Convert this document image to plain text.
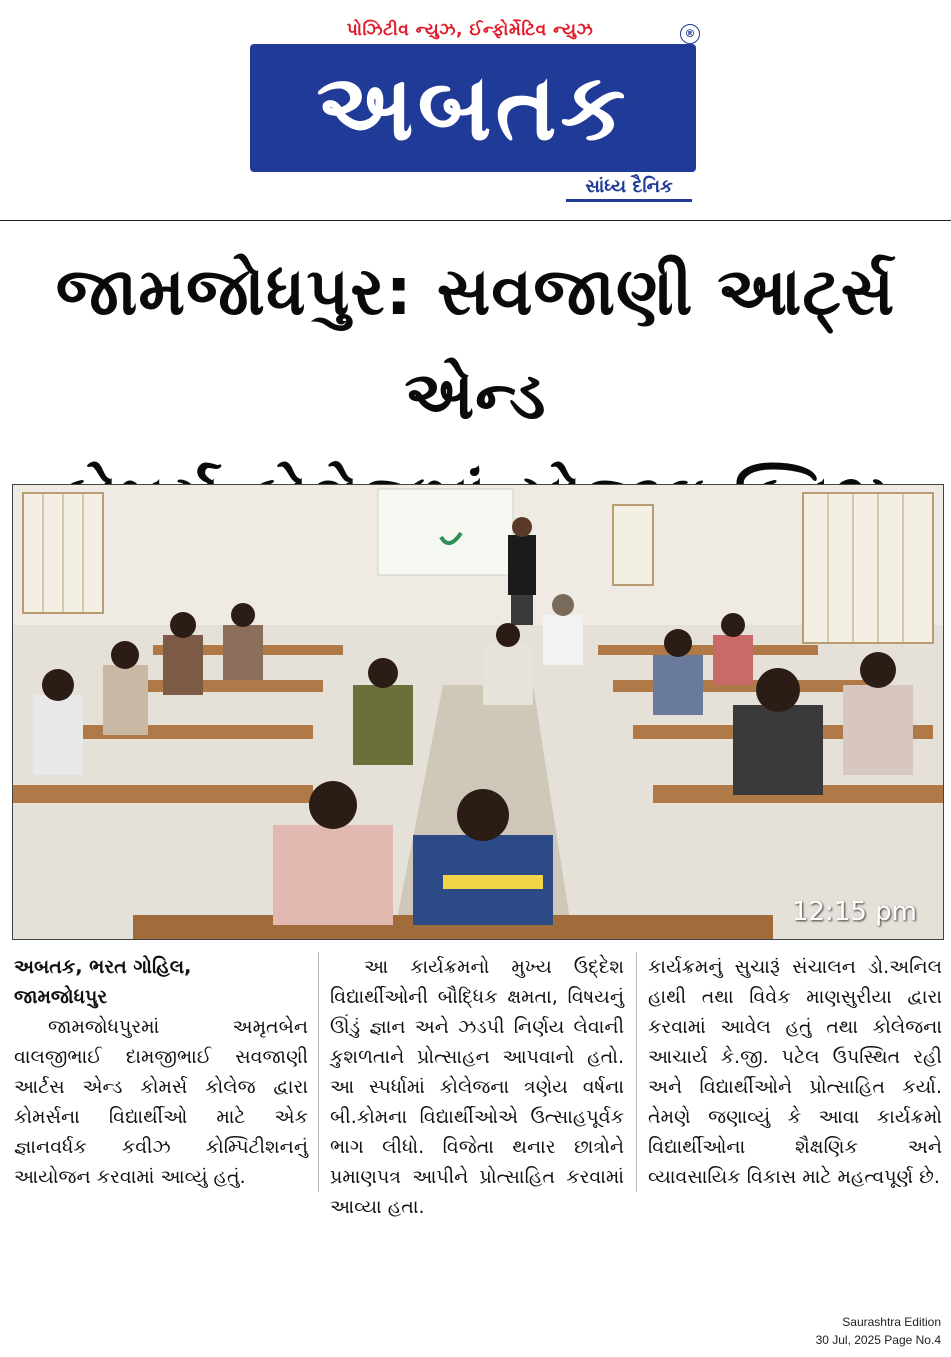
પોઝિટીવ ન્યુઝ, ઈન્ફોર્મેટિવ ન્યુઝ
અબતક
®
સાંધ્ય દૈનિક
જામજોધપુર: સવજાણી આર્ટ્સ એન્ડ

12:15 pm

અબતક, ભરત ગોહિલ,
જામજોધપુર

જામજોધપુરમાં અમૃતબેન વાલજીભાઈ દામજીભાઈ સવજાણી આર્ટસ એન્ડ કોમર્સ કોલેજ દ્વારા કોમર્સના વિદ્યાર્થીઓ માટે એક જ્ઞાનવર્ધક કવીઝ કોમ્પિટીશનનું આયોજન કરવામાં આવ્યું હતું.

આ કાર્યક્રમનો મુખ્ય ઉદ્દેશ વિદ્યાર્થીઓની બૌદ્ધિક ક્ષમતા, વિષયનું ઊંડું જ્ઞાન અને ઝડપી નિર્ણય લેવાની કુશળતાને પ્રોત્સાહન આપવાનો હતો. આ સ્પર્ધામાં કોલેજના ત્રણેય વર્ષના બી.કોમના વિદ્યાર્થીઓએ ઉત્સાહપૂર્વક ભાગ લીધો. વિજેતા થનાર છાત્રોને પ્રમાણપત્ર આપીને પ્રોત્સાહિત કરવામાં આવ્યા હતા.

કાર્યક્રમનું સુચારૂં સંચાલન ડો.અનિલ હાથી તથા વિવેક માણસુરીયા દ્વારા કરવામાં આવેલ હતું તથા કોલેજના આચાર્ય કે.જી. પટેલ ઉપસ્થિત રહી અને વિદ્યાર્થીઓને પ્રોત્સાહિત કર્યા. તેમણે જણાવ્યું કે આવા કાર્યક્રમો વિદ્યાર્થીઓના શૈક્ષણિક અને વ્યાવસાયિક વિકાસ માટે મહત્વપૂર્ણ છે.

Saurashtra Edition
30 Jul, 2025 Page No.4
